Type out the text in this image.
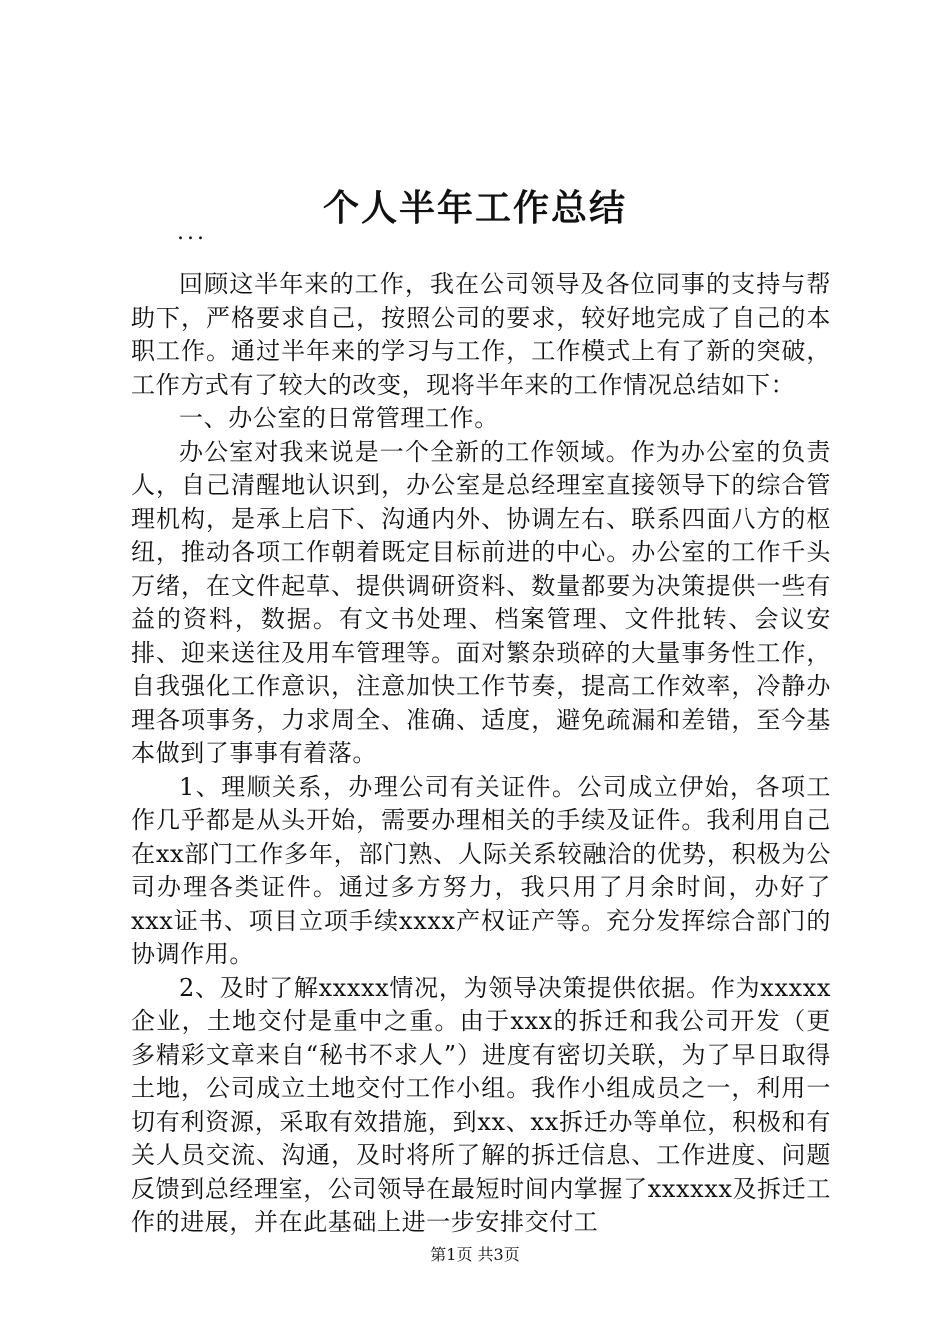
个人半年工作总结
...

回顾这半年来的工作，我在公司领导及各位同事的支持与帮助下，严格要求自己，按照公司的要求，较好地完成了自己的本职工作。通过半年来的学习与工作，工作模式上有了新的突破，工作方式有了较大的改变，现将半年来的工作情况总结如下：

一、办公室的日常管理工作。

办公室对我来说是一个全新的工作领域。作为办公室的负责人，自己清醒地认识到，办公室是总经理室直接领导下的综合管理机构，是承上启下、沟通内外、协调左右、联系四面八方的枢纽，推动各项工作朝着既定目标前进的中心。办公室的工作千头万绪，在文件起草、提供调研资料、数量都要为决策提供一些有益的资料，数据。有文书处理、档案管理、文件批转、会议安排、迎来送往及用车管理等。面对繁杂琐碎的大量事务性工作，自我强化工作意识，注意加快工作节奏，提高工作效率，冷静办理各项事务，力求周全、准确、适度，避免疏漏和差错，至今基本做到了事事有着落。

1、理顺关系，办理公司有关证件。公司成立伊始，各项工作几乎都是从头开始，需要办理相关的手续及证件。我利用自己在xx部门工作多年，部门熟、人际关系较融洽的优势，积极为公司办理各类证件。通过多方努力，我只用了月余时间，办好了xxx证书、项目立项手续xxxx产权证产等。充分发挥综合部门的协调作用。

2、及时了解xxxxx情况，为领导决策提供依据。作为xxxxx企业，土地交付是重中之重。由于xxx的拆迁和我公司开发（更多精彩文章来自“秘书不求人”）进度有密切关联，为了早日取得土地，公司成立土地交付工作小组。我作小组成员之一，利用一切有利资源，采取有效措施，到xx、xx拆迁办等单位，积极和有关人员交流、沟通，及时将所了解的拆迁信息、工作进度、问题反馈到总经理室，公司领导在最短时间内掌握了xxxxxx及拆迁工作的进展，并在此基础上进一步安排交付工

第1页 共3页
